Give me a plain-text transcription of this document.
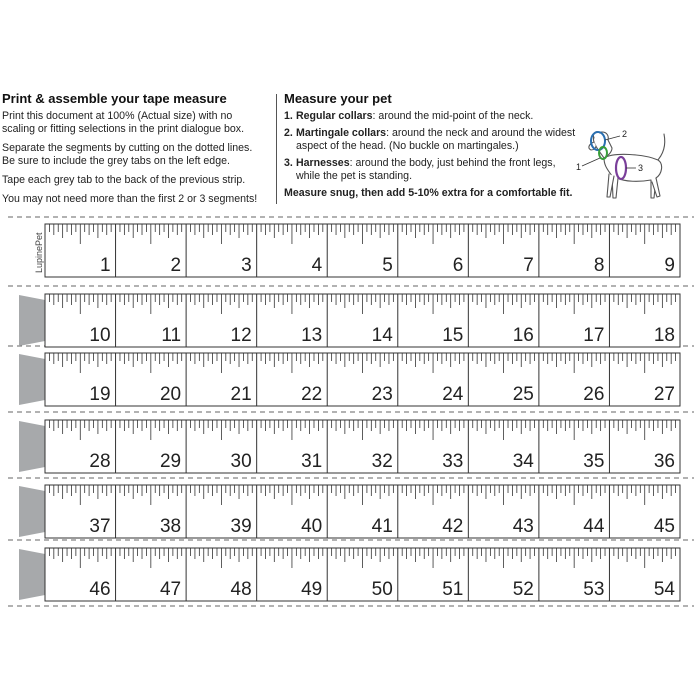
Print & assemble your tape measure

Print this document at 100% (Actual size) with no scaling or fitting selections in the print dialogue box.

Separate the segments by cutting on the dotted lines. Be sure to include the grey tabs on the left edge.

Tape each grey tab to the back of the previous strip.

You may not need more than the first 2 or 3 segments!

Measure your pet
1. Regular collars: around the mid-point of the neck.
2. Martingale collars: around the neck and around the widest aspect of the head. (No buckle on martingales.)
3. Harnesses: around the body, just behind the front legs, while the pet is standing.
Measure snug, then add 5-10% extra for a comfortable fit.
1
2
3
LupinePet	1	2	3	4	5	6	7	8	9
10	11	12	13	14	15	16	17	18
19	20	21	22	23	24	25	26	27
28	29	30	31	32	33	34	35	36
37	38	39	40	41	42	43	44	45
46	47	48	49	50	51	52	53	54
